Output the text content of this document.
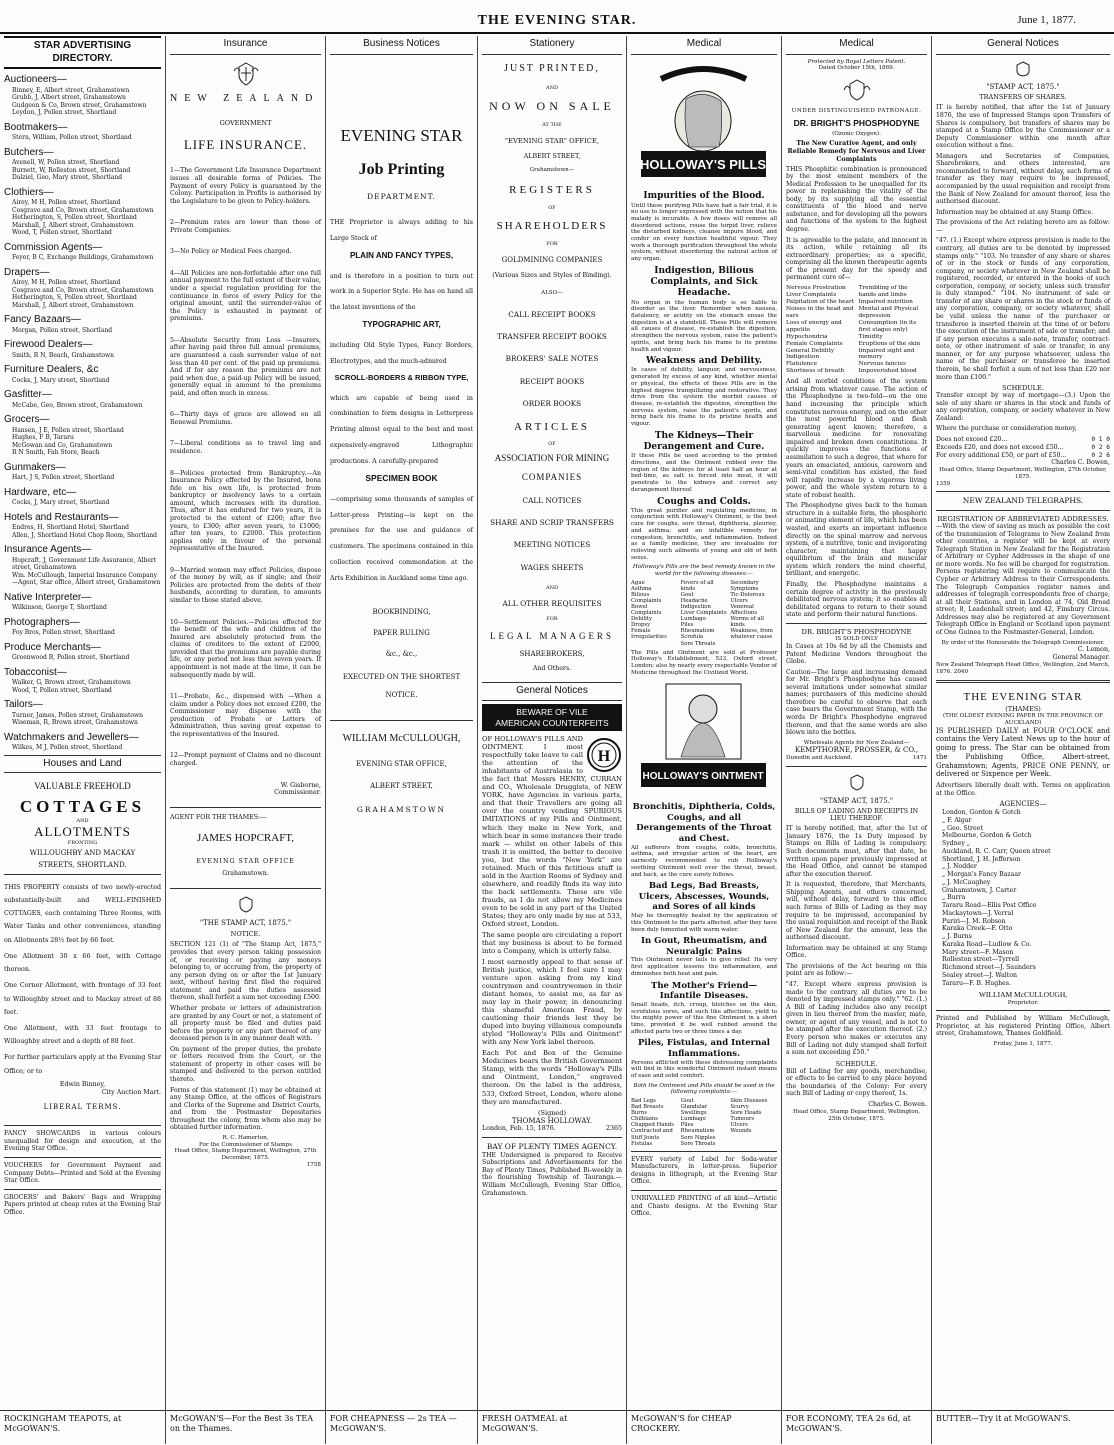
THE EVENING STAR.	June 1, 1877.
STAR ADVERTISING DIRECTORY.
Auctioneers—
Binney, E, Albert street, Grahamstown
Grubb, J, Albert street, Grahamstown
Gudgeon & Co, Brown street, Grahamstown
Leydon, J, Pollen street, Shortland
Bootmakers—
Stern, William, Pollen street, Shortland
Butchers—
Avenell, W, Pollen street, Shortland
Burnett, W, Rolleston street, Shortland
Dalziel, Geo, Mary street, Shortland
Clothiers—
Airey, M H, Pollen street, Shortland
Cosgrave and Co, Brown street, Grahamstown
Hetherington, S, Pollen street, Shortland
Marshall, J, Albert street, Grahamstown
Wood, T, Pollen street, Shortland
Commission Agents—
Feyer, B C, Exchange Buildings, Grahamstown
Drapers—
Airey, M H, Pollen street, Shortland
Cosgrave and Co, Brown street, Grahamstown
Hetherington, S, Pollen street, Shortland
Marshall, J, Albert street, Grahamstown
Fancy Bazaars—
Morgan, Pollen street, Shortland
Firewood Dealers—
Smith, R N, Beach, Grahamstown
Furniture Dealers, &c
Cocks, J, Mary street, Shortland
Gasfitter—
McCabe, Geo, Brown street, Grahamstown
Grocers—
Hansen, J E, Pollen street, Shortland
Hughes, F B, Tararu
McGowan and Co, Grahamstown
R N Smith, Fah Store, Beach
Gunmakers—
Hart, J S, Pollen street, Shortland
Hardware, etc—
Cocks, J, Mary street, Shortland
Hotels and Restaurants—
Endres, H, Shortland Hotel, Shortland
Allen, J, Shortland Hotel Chop Room, Shortland
Insurance Agents—
Hopcraft, J, Government Life Assurance, Albert street, Grahamstown
Wm. McCullough, Imperial Insurance Company—Agent, Star office, Albert street, Grahamstown
Native Interpreter—
Wilkinson, George T, Shortland
Photographers—
Foy Bros, Pollen street, Shortland
Produce Merchants—
Greenwood B, Pollen street, Shortland
Tobacconist—
Walker, G, Brown street, Grahamstown
Wood, T, Pollen street, Shortland
Tailors—
Turner, James, Pollen street, Grahamstown
Wiseman, R, Brown street, Grahamstown
Watchmakers and Jewellers—
Wilkes, M J, Pollen street, Shortland
Houses and Land
VALUABLE FREEHOLD
COTTAGES
AND
ALLOTMENTS
FRONTING
WILLOUGHBY AND MACKAY
STREETS, SHORTLAND.
THIS PROPERTY consists of two newly-erected substantially-built and WELL-FINISHED COTTAGES, each containing Three Rooms, with Water Tanks and other conveniences, standing on Allotments 28½ feet by 66 feet.
One Allotment 30 x 66 feet, with Cottage thereon.
One Corner Allotment, with frontage of 33 feet to Willoughby street and to Mackay street of 88 feet.
One Allotment, with 33 feet frontage to Willoughby street and a depth of 88 feet.
For further particulars apply at the Evening Star Office; or to
Edwin Binney,
City Auction Mart.
LIBERAL TERMS.
FANCY SHOWCARDS in various colours unequalled for design and execution, at the Evening Star Office.
VOUCHERS for Government Payment and Company Debts—Printed and Sold at the Evening Star Office.
GROCERS' and Bakers' Bags and Wrapping Papers printed at cheap rates at the Evening Star Office.
ROCKINGHAM TEAPOTS, at McGOWAN'S.
Insurance
NEW ZEALAND
GOVERNMENT
LIFE INSURANCE.
1—The Government Life Insurance Department issues all desirable forms of Policies. The Payment of every Policy is guaranteed by the Colony. Participation in Profits is authorised by the Legislature to be given to Policy-holders.
2—Premium rates are lower than those of Private Companies.
3—No Policy or Medical Fees charged.
4—All Policies are non-forfeitable after one full annual payment to the full extent of their value, under a special regulation providing for the continuance in force of every Policy for the original amount, until the surrender-value of the Policy is exhausted in payment of premiums.
5—Absolute Security from Loss —Insurers, after having paid three full annual premiums, are guaranteed a cash surrender value of not less than 40 per cent. of the paid up premiums. And if for any reason the premiums are not paid when due, a paid-up Policy will be issued, generally equal in amount to the premiums paid, and often much in excess.
6—Thirty days of grace are allowed on all Renewal Premiums.
7—Liberal conditions as to travel ling and residence.
8—Policies protected from Bankruptcy.—An Insurance Policy effected by the Insured, bona fide on his own life, is protected from bankruptcy or insolvency laws to a certain amount, which increases with its duration. Thus, after it has endured for two years, it is protected to the extent of £200; after five years, to £300; after seven years, to £1000; after ten years, to £2000. This protection applies only in favour of the personal representative of the Insured.
9—Married women may effect Policies, dispose of the money by will, as if single; and their Policies are protected from the debts of their husbands, according to duration, to amounts similar to those stated above.
10—Settlement Policies.—Policies effected for the benefit of the wife and children of the Insured are absolutely protected from the claims of creditors to the extent of £2000, provided that the premiums are payable during life, or any period not less than seven years. If appointment is not made at the time, it can be subsequently made by will.
11—Probate, &c., dispensed with —When a claim under a Policy does not exceed £200, the Commissioner may dispense with the production of Probate or Letters of Administration, thus saving great expense to the representatives of the Insured.
12—Prompt payment of Claims and no discount charged.
W. Gisborne,
Commissioner.
AGENT FOR THE THAMES:—
JAMES HOPCRAFT,
EVENING STAR OFFICE
Grahamstown.
"THE STAMP ACT, 1875."
NOTICE.
SECTION 121 (1) of "The Stamp Act, 1875," provides that every person taking possession of, or receiving or paying any moneys belonging to, or accruing from, the property of any person dying on or after the 1st January next, without having first filed the required statement and paid the duties assessed thereon, shall forfeit a sum not exceeding £500.
Whether probate or letters of administration are granted by any Court or not, a statement of all property must be filed and duties paid before the property or any part thereof of any deceased person is in any manner dealt with.
On payment of the proper duties, the probate or letters received from the Court, or the statement of property in other cases will be stamped and delivered to the person entitled thereto.
Forms of this statement (1) may be obtained at any Stamp Office, at the offices of Registrars and Clerks of the Supreme and District Courts, and from the Postmaster Depositaries throughout the colony, from whom also may be obtained further information.
R. C. Hamerton,
For the Commissioner of Stamps
Head Office, Stamp Department, Wellington, 27th December, 1875.
1758
McGOWAN'S—For the Best 3s TEA on the Thames.
Business Notices
EVENING STAR
Job Printing
DEPARTMENT.
THE Proprietor is always adding to his Large Stock of
PLAIN AND FANCY TYPES,
and is therefore in a position to turn out work in a Superior Style. He has on hand all the latest inventions of the
TYPOGRAPHIC ART,
including Old Style Types, Fancy Borders, Electrotypes, and the much-admired
SCROLL-BORDERS & RIBBON TYPE,
which are capable of being used in combination to form designs in Letterpress Printing almost equal to the best and most expensively-engraved Lithographic productions. A carefully-prepared
SPECIMEN BOOK
—comprising some thousands of samples of Letter-press Printing—is kept on the premises for the use and guidance of customers. The specimens contained in this collection received commendation at the Arts Exhibition in Auckland some time ago.
BOOKBINDING,
PAPER RULING
&c., &c.,
EXECUTED ON THE SHORTEST
NOTICE.
WILLIAM McCULLOUGH,
EVENING STAR OFFICE,
ALBERT STREET,
GRAHAMSTOWN
FOR CHEAPNESS — 2s TEA — McGOWAN'S.
Stationery
JUST PRINTED,
AND
NOW ON SALE
AT THE
"EVENING STAR" OFFICE,
ALBERT STREET,
Grahamstown—
REGISTERS
OF
SHAREHOLDERS
FOR
GOLDMINING COMPANIES
(Various Sizes and Styles of Binding).
ALSO—
CALL RECEIPT BOOKS
TRANSFER RECEIPT BOOKS
BROKERS' SALE NOTES
RECEIPT BOOKS
ORDER BOOKS
ARTICLES
OF
ASSOCIATION FOR MINING
COMPANIES
CALL NOTICES
SHARE AND SCRIP TRANSFERS
MEETING NOTICES
WAGES SHEETS
AND
ALL OTHER REQUISITES
FOR
LEGAL MANAGERS
SHAREBROKERS,
And Others.
General Notices
BEWARE OF VILE
AMERICAN COUNTERFEITS
H
OF HOLLOWAY'S PILLS AND OINTMENT. I most respectfully take leave to call the attention of the inhabitants of Australasia to the fact that Messrs HENRY, CURRAN and CO., Wholesale Druggists, of NEW YORK, have Agencies in various parts, and that their Travellers are going all over the country vending SPURIOUS IMITATIONS of my Pills and Ointment, which they make in New York, and which bear in some instances their trade mark — whilst on other labels of this trash it is omitted, the better to deceive you, but the words "New York" are retained. Much of this fictitious stuff is sold in the Auction Rooms of Sydney and elsewhere, and readily finds its way into the back settlements. These are vile frauds, as I do not allow my Medicines even to be sold in any part of the United States; they are only made by me at 533, Oxford street, London.
The same people are circulating a report that my business is about to be formed into a Company, which is utterly false.
I most earnestly appeal to that sense of British justice, which I feel sure I may venture upon asking from my kind countrymen and countrywomen in their distant homes, to assist me, as far as may lay in their power, in denouncing this shameful American Fraud, by cautioning their friends lest they be duped into buying villainous compounds styled "Holloway's Pills and Ointment" with any New York label thereon.
Each Pot and Box of the Genuine Medicines bears the British Government Stamp, with the words "Holloway's Pills and Ointment, London," engraved thereon. On the label is the address, 533, Oxford Street, London, where alone they are manufactured.
(Signed)
THOMAS HOLLOWAY.
London, Feb. 15, 1876.	2365
BAY OF PLENTY TIMES AGENCY.
THE Undersigned is prepared to Receive Subscriptions and Advertisements for the Bay of Plenty Times, Published Bi-weekly in the flourishing Township of Tauranga.—William McCullough, Evening Star Office, Grahamstown.
FRESH OATMEAL at McGOWAN'S.
Medical
HOLLOWAY'S PILLS
Impurities of the Blood.
Until these purifying Pills have had a fair trial, it is no use to longer expressed with the notion that his malady is incurable. A few doses will remove all disordered actions, rouse the torpid liver, relieve the disturbed kidneys, cleanse impure blood, and confer on every function healthful vigour. They work a thorough purification throughout the whole system, without disordering the natural action of any organ.
Indigestion, Bilious Complaints, and Sick Headache.
No organ in the human body is so liable to disorder as the liver. Remember when nausea, flatulency, or acidity on the stomach ensue the digestion is at a standstill. These Pills will remove all causes of disease, re-establish the digestion, strengthen the nervous system, raise the patient's spirits, and bring back his frame to its pristine health and vigour.
Weakness and Debility.
In cases of debility, languor, and nervousness, generated by excess of any kind, whether mental or physical, the effects of these Pills are in the highest degree tranquilizing and restorative. They drive from the system the morbid causes of disease, re-establish the digestion, strengthen the nervous system, raise the patient's spirits, and bring back his frame to its pristine health and vigour.
The Kidneys—Their Derangement and Cure.
If these Pills be used according to the printed directions, and the Ointment rubbed over the region of the kidneys for at least half an hour at bed-time, as salt is forced into meat, it will penetrate to the kidneys and correct any derangement thereof.
Coughs and Colds.
This great purifier and regulating medicine, in conjunction with Holloway's Ointment, is the best cure for coughs, sore throat, diphtheria, pleurisy, and asthma; and an infallible remedy for congestion, bronchitis, and inflammation. Indeed as a family medicine, they are invaluable for relieving such ailments of young and old of both sexes.
Holloway's Pills are the best remedy known in the world for the following diseases:—
Ague
Asthma
Bilious Complaints
Bowel Complaints
Debility
Dropsy
Female Irregularities
Fevers of all kinds
Gout
Headache
Indigestion
Liver Complaints
Lumbago
Piles
Rheumatism
Scrofula
Sore Throats
Secondary Symptoms
Tic-Doloreux
Ulcers
Venereal Affections
Worms of all kinds
Weakness, from whatever cause
The Pills and Ointment are sold at Professor Holloway's Establishment, 533, Oxford street, London; also by nearly every respectable Vendor of Medicine throughout the Civilized World.
HOLLOWAY'S OINTMENT
Bronchitis, Diphtheria, Colds, Coughs, and all Derangements of the Throat and Chest.
All sufferers from coughs, colds, bronchitis, asthma, and irregular action of the heart, are earnestly recommended to rub Holloway's soothing Ointment well over the throat, breast, and back, as the cure surely follows.
Bad Legs, Bad Breasts, Ulcers, Abscesses, Wounds, and Sores of all kinds
May be thoroughly healed by the application of this Ointment to the parts affected, after they have been duly fomented with warm water.
In Gout, Rheumatism, and Neuralgic Pains
This Ointment never fails to give relief. Its very first application lessens the inflammation, and diminishes both heat and pain.
The Mother's Friend—Infantile Diseases.
Small heads, itch, croup, blotches on the skin, scrofulous sores, and such like affections, yield to the mighty power of this fine Ointment in a short time, provided it be well rubbed around the affected parts two or three times a day.
Piles, Fistulas, and Internal Inflammations.
Persons afflicted with these distressing complaints will find in this wonderful Ointment instant means of ease and solid comfort.
Both the Ointment and Pills should be used in the following complaints:—
Bad Legs
Bad Breasts
Burns
Chilblains
Chapped Hands
Contracted and Stiff Joints
Fistulas
Gout
Glandular Swellings
Lumbago
Piles
Rheumatism
Sore Nipples
Sore Throats
Skin Diseases
Scurvy
Sore Heads
Tumours
Ulcers
Wounds
EVERY variety of Label for Soda-water Manufacturers, in letter-press. Superior designs in lithograph, at the Evening Star Office.
UNRIVALLED PRINTING of all kind—Artistic and Chaste designs. At the Evening Star Office.
McGOWAN'S for CHEAP CROCKERY.
Medical
Protected by Royal Letters Patent.
Dated October 15th, 1869.
UNDER DISTINGUISHED PATRONAGE.
DR. BRIGHT'S PHOSPHODYNE
(Ozonic Oxygen).
The New Curative Agent, and only Reliable Remedy for Nervous and Liver Complaints
THIS Phosphitic combination is pronounced by the most eminent members of the Medical Profession to be unequalled for its power in replenishing the vitality of the body, by its supplying all the essential constituents of the blood and nerve substance, and for developing all the powers and functions of the system to the highest degree.
It is agreeable to the palate, and innocent in its action, while retaining all its extraordinary properties; as a specific, comprising all the known therapeutic agents of the present day for the speedy and permanent cure of—
Nervous Prostration
Liver Complaints
Palpitation of the heart
Noises in the head and ears
Loss of energy and appetite
Hypochondria
Female Complaints
General Debility
Indigestion
Flatulence
Shortness of breath
Trembling of the hands and limbs
Impaired nutrition
Mental and Physical depression
Consumption (in its first stages only)
Timidity
Eruptions of the skin
Impaired sight and memory
Nervous fancies
Impoverished blood
And all morbid conditions of the system arising from whatever cause. The action of the Phosphodyne is two-fold—on the one hand increasing the principle which constitutes nervous energy, and on the other the most powerful blood and flesh generating agent known; therefore, a marvellous medicine for renovating impaired and broken down constitutions. It quickly improves the functions of assimilation to such a degree, that where for years an emaciated, anxious, careworn and semi-vital condition has existed, the feed will rapidly increase by a vigorous living power, and the whole system return to a state of robust health.
The Phosphodyne gives back to the human structure in a suitable form, the phosphoric or animating element of life, which has been wasted, and exerts an important influence directly on the spinal marrow and nervous system, of a nutritive, tonic and invigorating character, maintaining that happy equilibrium of the brain and muscular system which renders the mind cheerful, brilliant, and energetic.
Finally, the Phosphodyne maintains a certain degree of activity in the previously debilitated nervous system; it so enables all debilitated organs to return to their sound state and perform their natural functions.
DR. BRIGHT'S PHOSPHODYNE
IS SOLD ONLY
In Cases at 10s 6d by all the Chemists and Patent Medicine Vendors throughout the Globe.
Caution—The large and increasing demand for Mr. Bright's Phosphodyne has caused several imitations under somewhat similar names; purchasers of this medicine should therefore be careful to observe that each case bears the Government Stamp, with the words Dr Bright's Phosphodyne engraved thereon, and that the same words are also blown into the bottles.
Wholesale Agents for New Zealand—
KEMPTHORNE, PROSSER, & CO.,
Dunedin and Auckland.	1471
"STAMP ACT, 1875."
BILLS OF LADING AND RECEIPTS IN LIEU THEREOF.
IT is hereby notified, that, after the 1st of January 1876, the 1s Duty imposed by Stamps on Bills of Lading is compulsory. Such documents must, after that date, be written upon paper previously impressed at the Head Office, and cannot be stamped after the execution thereof.
It is requested, therefore, that Merchants, Shipping Agents, and others concerned, will, without delay, forward to this office such forms of Bills of Lading as they may require to be impressed, accompanied by the usual requisition and receipt of the Bank of New Zealand for the amount, less the authorised discount.
Information may be obtained at any Stamp Office.
The provisions of the Act bearing on this point are as follow:—
"47. Except where express provision is made to the contrary, all duties are to be denoted by impressed stamps only." "62. (1.) A Bill of Lading includes also any receipt given in lieu thereof from the master, mate, owner, or agent of any vessel, and is not to be stamped after the execution thereof. (2.) Every person who makes or executes any Bill of Lading not duly stamped shall forfeit a sum not exceeding £50."
SCHEDULE.
Bill of Lading for any goods, merchandise, or effects to be carried to any place beyond the boundaries of the Colony: For every such Bill of Lading or copy thereof, 1s.
Charles C. Bowen.
Head Office, Stamp Department, Wellington, 25th October, 1875.
FOR ECONOMY, TEA 2s 6d, at McGOWAN'S.
General Notices
"STAMP ACT, 1875."
TRANSFERS OF SHARES.
IT is hereby notified, that after the 1st of January 1876, the use of Impressed Stamps upon Transfers of Shares is compulsory, but transfers of shares may be stamped at a Stamp Office by the Commissioner or a Deputy Commissioner within one month after execution without a fine.
Managers and Secretaries of Companies, Sharebrokers, and others interested, are recommended to forward, without delay, such forms of transfer as they may require to be impressed, accompanied by the usual requisition and receipt from the Bank of New Zealand for amount thereof, less the authorised discount.
Information may be obtained at any Stamp Office.
The provisions of the Act relating hereto are as follow:—
"47. (1.) Except where express provision is made to the contrary, all duties are to be denoted by impressed stamps only." "103. No transfer of any share or shares of or in the stock or funds of any corporation, company, or society whatever in New Zealand shall be registered, recorded, or entered in the books of such corporation, company, or society, unless such transfer is duly stamped." "104. No instrument of sale or transfer of any share or shares in the stock or funds of any corporation, company, or society whatever, shall be valid unless the name of the purchaser or transferee is inserted therein at the time of or before the execution of the instrument of sale or transfer; and if any person executes a sale-note, transfer, contract-note, or other instrument of sale or transfer, in any manner, or for any purpose whatsoever, unless the name of the purchaser or transferee be inserted therein, he shall forfeit a sum of not less than £20 nor more than £100."
SCHEDULE.
Transfer except by way of mortgage—(3.) Upon the sale of any share or shares in the stock and funds of any corporation, company, or society whatever in New Zealand:
Where the purchase or consideration money,
Does not exceed £20...	0 1 0
Exceeds £20, and does not exceed £50...	0 2 6
For every additional £50, or part of £50...	0 2 6
Charles C. Bowen,
Head Office, Stamp Department, Wellington, 27th October, 1875.
1359
NEW ZEALAND TELEGRAPHS.
REGISTRATION OF ABBREVIATED ADDRESSES.
—With the view of saving as much as possible the cost of the transmission of Telegrams to New Zealand from other countries, a register will be kept at every Telegraph Station in New Zealand for the Registration of Arbitrary or Cypher Addresses in the shape of one or more words. No fee will be charged for registration. Persons registering will require to communicate the Cypher or Arbitrary Address to their Correspondents. The Telegraph Companies register names and addresses of telegraph correspondents free of charge, at all their Stations, and in London at 74, Old Broad street; 8, Leadenhall street; and 42, Finsbury Circus. Addresses may also be registered at any Government Telegraph Office in England or Scotland upon payment of One Guinea to the Postmaster-General, London.
By order of the Honourable the Telegraph Commissioner.
C. Lemon,
General Manager.
New Zealand Telegraph Head Office, Wellington, 2nd March, 1876. 2040
THE EVENING STAR
(THAMES)
(THE OLDEST EVENING PAPER IN THE PROVINCE OF AUCKLAND)
IS PUBLISHED DAILY at FOUR O'CLOCK and contains the Very Latest News up to the hour of going to press. The Star can be obtained from the Publishing Office, Albert-street, Grahamstown; Agents, PRICE ONE PENNY, or delivered or Sixpence per Week.
Advertisers liberally dealt with. Terms on application at the Office.
AGENCIES—
London, Gordon & Gotch
„ F. Algar
„ Geo. Street
Melbourne, Gordon & Gotch
Sydney „
Auckland, R. C. Carr, Queen street
Shortland, J. H. Jefferson
„ J. Nodder
„ Morgan's Fancy Bazaar
„ J. McCaughey
Grahamstown, J. Carter
„ Burra
Tararu Road—Ellis Post Office
Mackaytown—J. Verral
Puriri—J. M. Robson
Karaka Creek—F. Otto
„ J. Burns
Karaka Road—Ludlow & Co.
Mary street—F. Mason
Rolleston street—Tyrrell
Richmond street—J. Saunders
Sealey street—J. Walton
Tararu—F. B. Hughes.
WILLIAM McCULLOUGH,
Proprietor.
Printed and Published by William McCullough, Proprietor, at his registered Printing Office, Albert street, Grahamstown, Thames Goldfield.
Friday, June 1, 1877.
BUTTER—Try it at McGOWAN'S.
